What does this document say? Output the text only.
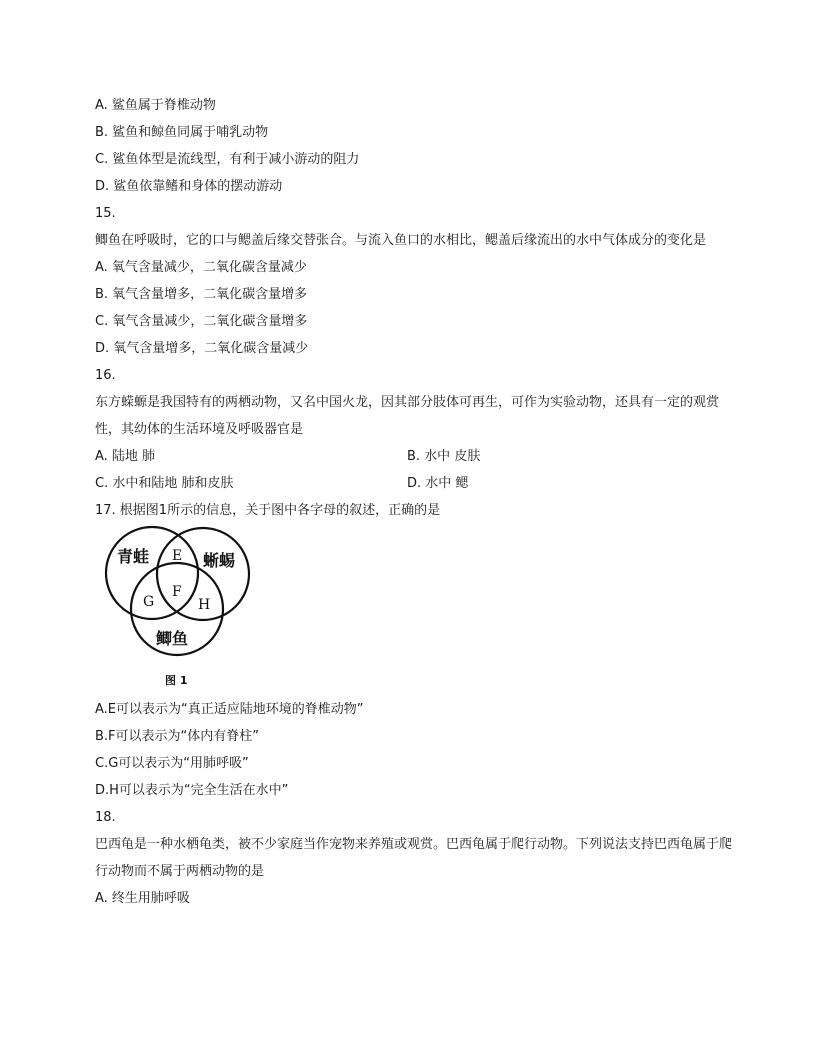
A. 鲨鱼属于脊椎动物
B. 鲨鱼和鲸鱼同属于哺乳动物
C. 鲨鱼体型是流线型，有利于减小游动的阻力
D. 鲨鱼依靠鳍和身体的摆动游动
15.
鲫鱼在呼吸时，它的口与鳃盖后缘交替张合。与流入鱼口的水相比，鳃盖后缘流出的水中气体成分的变化是
A. 氧气含量减少，二氧化碳含量减少
B. 氧气含量增多，二氧化碳含量增多
C. 氧气含量减少，二氧化碳含量增多
D. 氧气含量增多，二氧化碳含量减少
16.
东方蝾螈是我国特有的两栖动物，又名中国火龙，因其部分肢体可再生，可作为实验动物，还具有一定的观赏性，其幼体的生活环境及呼吸器官是
A. 陆地 肺	B. 水中 皮肤
C. 水中和陆地 肺和皮肤	D. 水中 鳃
17. 根据图1所示的信息，关于图中各字母的叙述，正确的是
青蛙	蜥蜴
鲫鱼
E
F
G	H
图 1
A.E可以表示为“真正适应陆地环境的脊椎动物”
B.F可以表示为“体内有脊柱”
C.G可以表示为“用肺呼吸”
D.H可以表示为“完全生活在水中”
18.
巴西龟是一种水栖龟类，被不少家庭当作宠物来养殖或观赏。巴西龟属于爬行动物。下列说法支持巴西龟属于爬行动物而不属于两栖动物的是
A. 终生用肺呼吸
